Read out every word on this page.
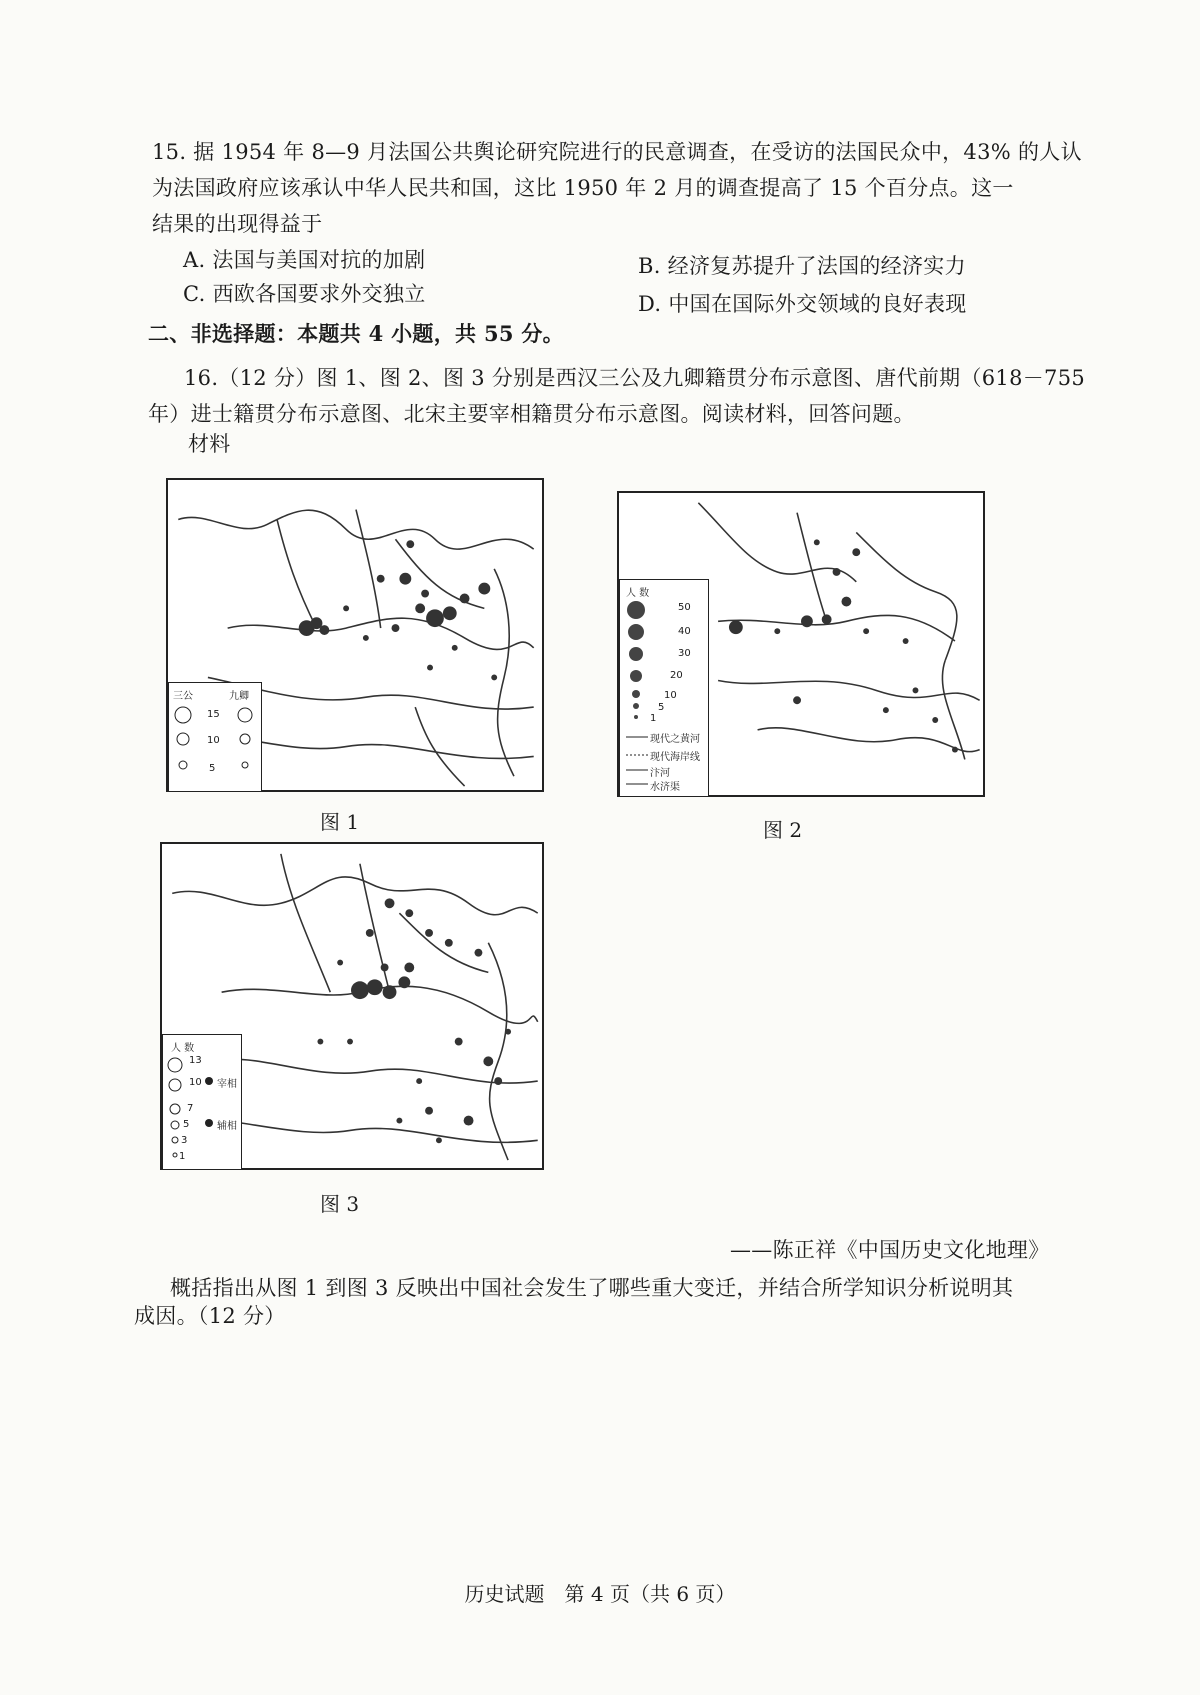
15. 据 1954 年 8—9 月法国公共舆论研究院进行的民意调查，在受访的法国民众中，43% 的人认
为法国政府应该承认中华人民共和国，这比 1950 年 2 月的调查提高了 15 个百分点。这一
结果的出现得益于
A. 法国与美国对抗的加剧	B. 经济复苏提升了法国的经济实力
C. 西欧各国要求外交独立	D. 中国在国际外交领域的良好表现
二、非选择题：本题共 4 小题，共 55 分。
16.（12 分）图 1、图 2、图 3 分别是西汉三公及九卿籍贯分布示意图、唐代前期（618－755
年）进士籍贯分布示意图、北宋主要宰相籍贯分布示意图。阅读材料，回答问题。
材料
三公	九卿
15
10
5
图 1
人 数
50
40
30
20
10
5
1
现代之黄河
现代海岸线
汴河
水济渠
图 2
人 数
13
10
7
5
3
1
宰相
辅相
图 3
——陈正祥《中国历史文化地理》
概括指出从图 1 到图 3 反映出中国社会发生了哪些重大变迁，并结合所学知识分析说明其
成因。（12 分）
历史试题　第 4 页（共 6 页）
